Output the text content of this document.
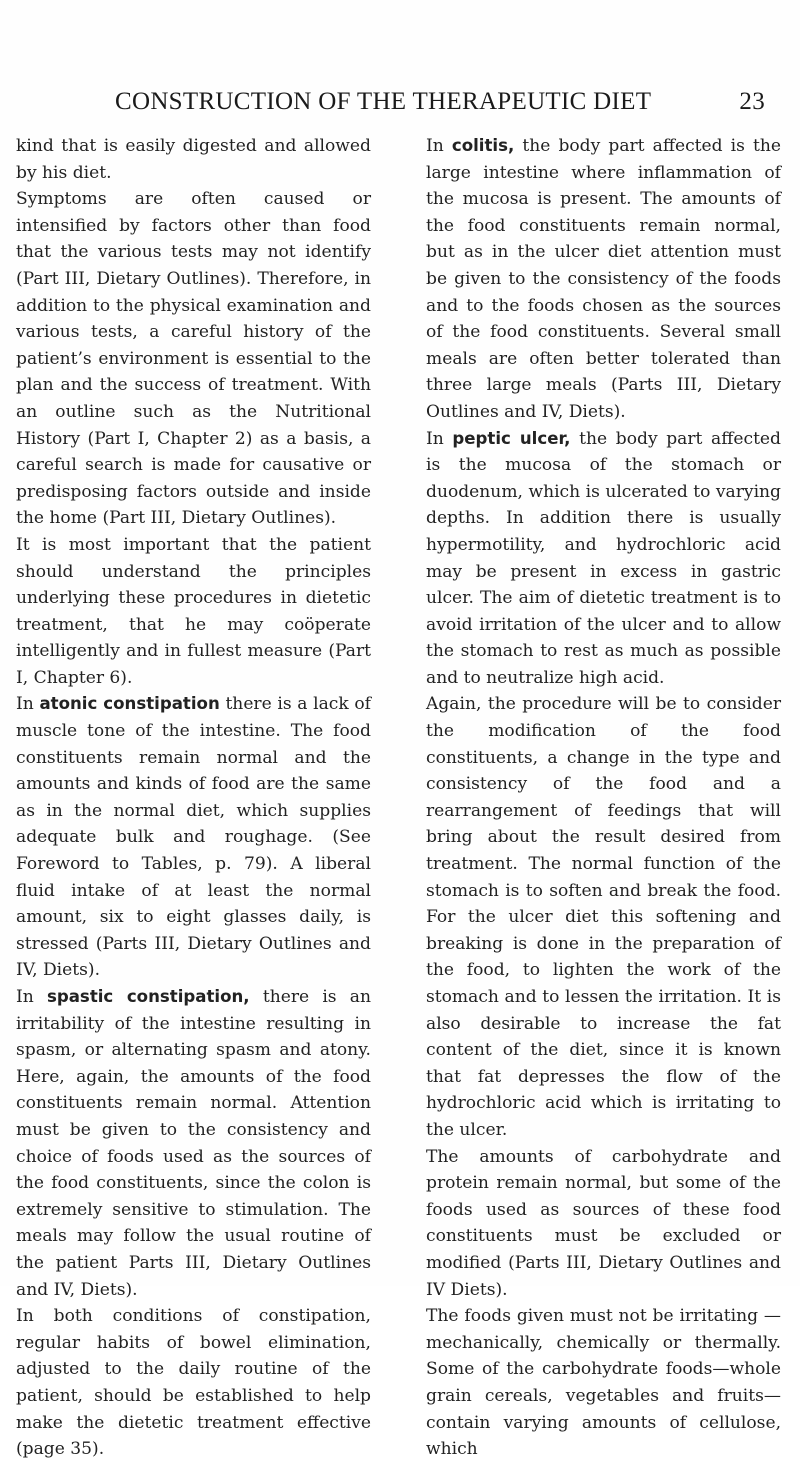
CONSTRUCTION OF THE THERAPEUTIC DIET	23

kind that is easily digested and allowed by his diet.

Symptoms are often caused or intensified by factors other than food that the various tests may not identify (Part III, Dietary Outlines). Therefore, in addition to the physical examination and various tests, a careful history of the patient’s environment is essential to the plan and the success of treatment. With an outline such as the Nutritional History (Part I, Chapter 2) as a basis, a careful search is made for causative or predisposing factors outside and inside the home (Part III, Dietary Outlines).

It is most important that the patient should understand the principles underlying these procedures in dietetic treatment, that he may coöperate intelligently and in fullest measure (Part I, Chapter 6).

In atonic constipation there is a lack of muscle tone of the intestine. The food constituents remain normal and the amounts and kinds of food are the same as in the normal diet, which supplies adequate bulk and roughage. (See Foreword to Tables, p. 79). A liberal fluid intake of at least the normal amount, six to eight glasses daily, is stressed (Parts III, Dietary Outlines and IV, Diets).

In spastic constipation, there is an irritability of the intestine resulting in spasm, or alternating spasm and atony. Here, again, the amounts of the food constituents remain normal. Attention must be given to the consistency and choice of foods used as the sources of the food constituents, since the colon is extremely sensitive to stimulation. The meals may follow the usual routine of the patient Parts III, Dietary Outlines and IV, Diets).

In both conditions of constipation, regular habits of bowel elimination, adjusted to the daily routine of the patient, should be established to help make the dietetic treatment effective (page 35).

In colitis, the body part affected is the large intestine where inflammation of the mucosa is present. The amounts of the food constituents remain normal, but as in the ulcer diet attention must be given to the consistency of the foods and to the foods chosen as the sources of the food constituents. Several small meals are often better tolerated than three large meals (Parts III, Dietary Outlines and IV, Diets).

In peptic ulcer, the body part affected is the mucosa of the stomach or duodenum, which is ulcerated to varying depths. In addition there is usually hypermotility, and hydrochloric acid may be present in excess in gastric ulcer. The aim of dietetic treatment is to avoid irritation of the ulcer and to allow the stomach to rest as much as possible and to neutralize high acid.

Again, the procedure will be to consider the modification of the food constituents, a change in the type and consistency of the food and a rearrangement of feedings that will bring about the result desired from treatment. The normal function of the stomach is to soften and break the food. For the ulcer diet this softening and breaking is done in the preparation of the food, to lighten the work of the stomach and to lessen the irritation. It is also desirable to increase the fat content of the diet, since it is known that fat depresses the flow of the hydrochloric acid which is irritating to the ulcer.

The amounts of carbohydrate and protein remain normal, but some of the foods used as sources of these food constituents must be excluded or modified (Parts III, Dietary Outlines and IV Diets).

The foods given must not be irritating —mechanically, chemically or thermally. Some of the carbohydrate foods—whole grain cereals, vegetables and fruits—contain varying amounts of cellulose, which
